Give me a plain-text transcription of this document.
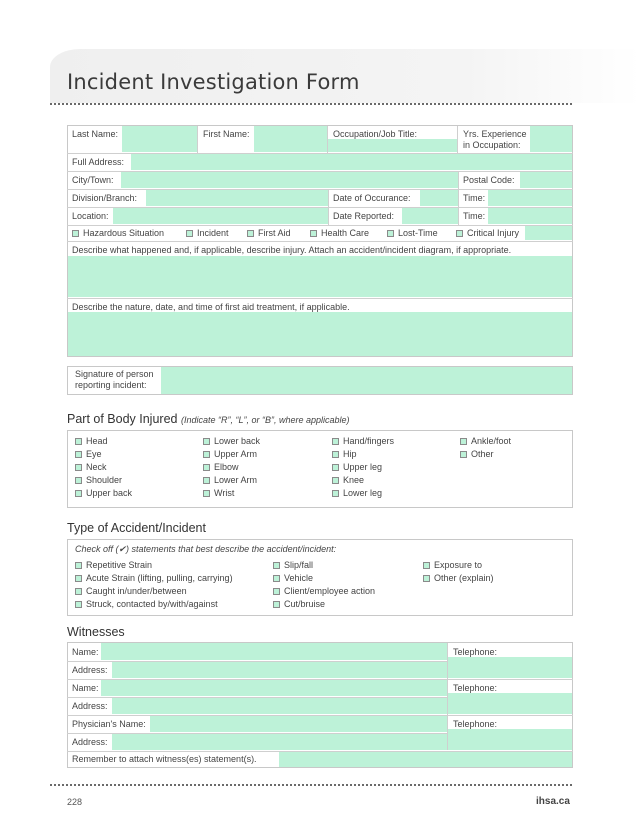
Incident Investigation Form
Last Name:	First Name:	Occupation/Job Title:	Yrs. Experience
in Occupation:
Full Address:
City/Town:	Postal Code:
Division/Branch:	Date of Occurance:	Time:
Location:	Date Reported:	Time:
Hazardous Situation	Incident	First Aid	Health Care	Lost-Time	Critical Injury
Describe what happened and, if applicable, describe injury. Attach an accident/incident diagram, if appropriate.
Describe the nature, date, and time of first aid treatment, if applicable.
Signature of person
reporting incident:
Part of Body Injured (Indicate “R”, “L”, or “B”, where applicable)
Head
Eye
Neck
Shoulder
Upper back
Lower back
Upper Arm
Elbow
Lower Arm
Wrist
Hand/fingers
Hip
Upper leg
Knee
Lower leg
Ankle/foot
Other
Type of Accident/Incident
Check off (✔) statements that best describe the accident/incident:
Repetitive Strain
Acute Strain (lifting, pulling, carrying)
Caught in/under/between
Struck, contacted by/with/against
Slip/fall
Vehicle
Client/employee action
Cut/bruise
Exposure to
Other (explain)
Witnesses
Name:	Telephone:
Address:
Name:	Telephone:
Address:
Physician's Name:	Telephone:
Address:
Remember to attach witness(es) statement(s).
228	ihsa.ca
